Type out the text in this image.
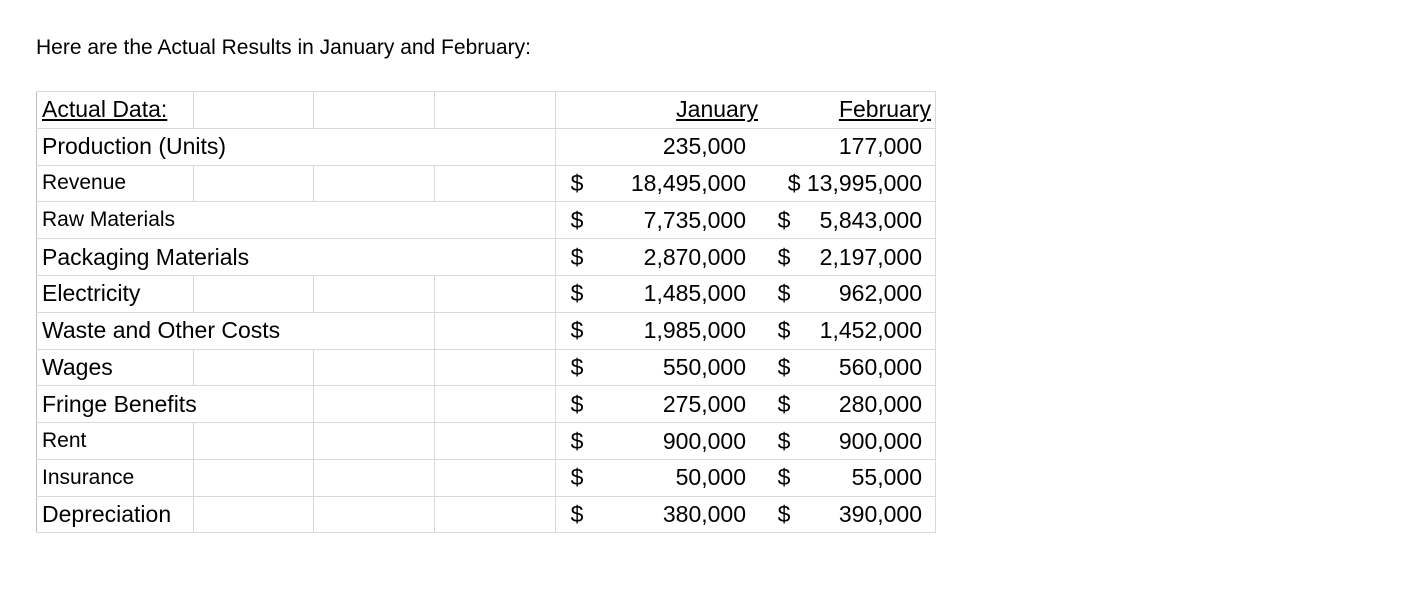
Here are the Actual Results in January and February:
Actual Data:	January	February
Production (Units)	235,000	177,000
Revenue	$	18,495,000	$ 13,995,000
Raw Materials	$	7,735,000 $	5,843,000
Packaging Materials	$	2,870,000 $	2,197,000
Electricity	$	1,485,000 $	962,000
Waste and Other Costs	$	1,985,000 $	1,452,000
Wages	$	550,000 $	560,000
Fringe Benefits	$	275,000 $	280,000
Rent	$	900,000 $	900,000
Insurance	$	50,000 $	55,000
Depreciation	$	380,000 $	390,000
